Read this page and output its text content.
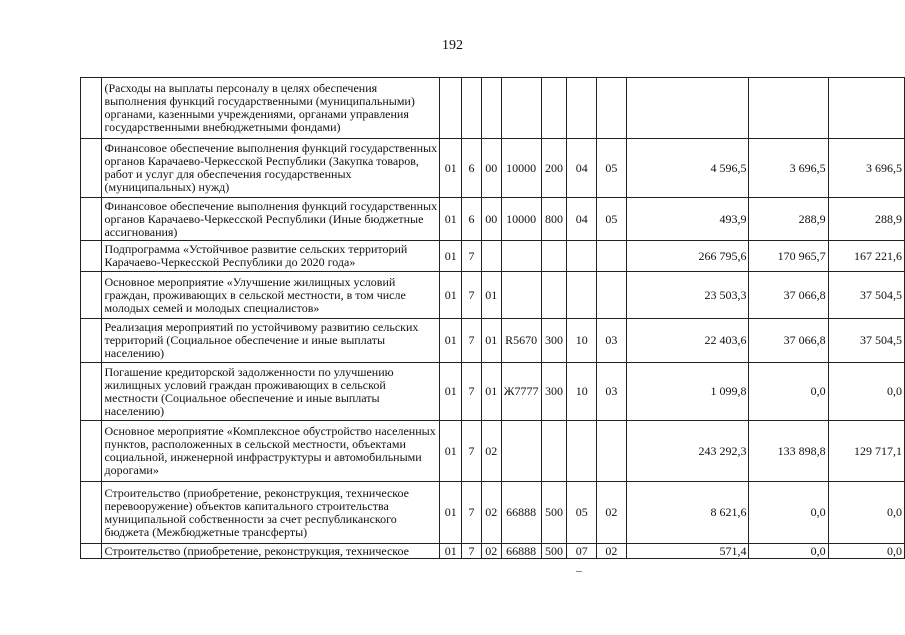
192
	(Расходы на выплаты персоналу в целях обеспечения выполнения функций государственными (муниципальными) органами, казенными учреждениями, органами управления государственными внебюджетными фондами)										
	Финансовое обеспечение выполнения функций государственных органов Карачаево-Черкесской Республики (Закупка товаров, работ и услуг для обеспечения государственных (муниципальных) нужд)	01	6	00	10000	200	04	05	4 596,5	3 696,5	3 696,5
	Финансовое обеспечение выполнения функций государственных органов Карачаево-Черкесской Республики (Иные бюджетные ассигнования)	01	6	00	10000	800	04	05	493,9	288,9	288,9
	Подпрограмма «Устойчивое развитие сельских территорий Карачаево-Черкесской Республики до 2020 года»	01	7						266 795,6	170 965,7	167 221,6
	Основное мероприятие «Улучшение жилищных условий граждан, проживающих в сельской местности, в том числе молодых семей и молодых специалистов»	01	7	01					23 503,3	37 066,8	37 504,5
	Реализация мероприятий по устойчивому развитию сельских территорий (Социальное обеспечение и иные выплаты населению)	01	7	01	R5670	300	10	03	22 403,6	37 066,8	37 504,5
	Погашение кредиторской задолженности по улучшению жилищных условий граждан проживающих в сельской местности (Социальное обеспечение и иные выплаты населению)	01	7	01	Ж7777	300	10	03	1 099,8	0,0	0,0
	Основное мероприятие «Комплексное обустройство населенных пунктов, расположенных в сельской местности, объектами социальной, инженерной инфраструктуры и автомобильными дорогами»	01	7	02					243 292,3	133 898,8	129 717,1
	Строительство (приобретение, реконструкция, техническое перевооружение) объектов капитального строительства муниципальной собственности за счет республиканского бюджета (Межбюджетные трансферты)	01	7	02	66888	500	05	02	8 621,6	0,0	0,0
	Строительство (приобретение, реконструкция, техническое	01	7	02	66888	500	07	02	571,4	0,0	0,0
